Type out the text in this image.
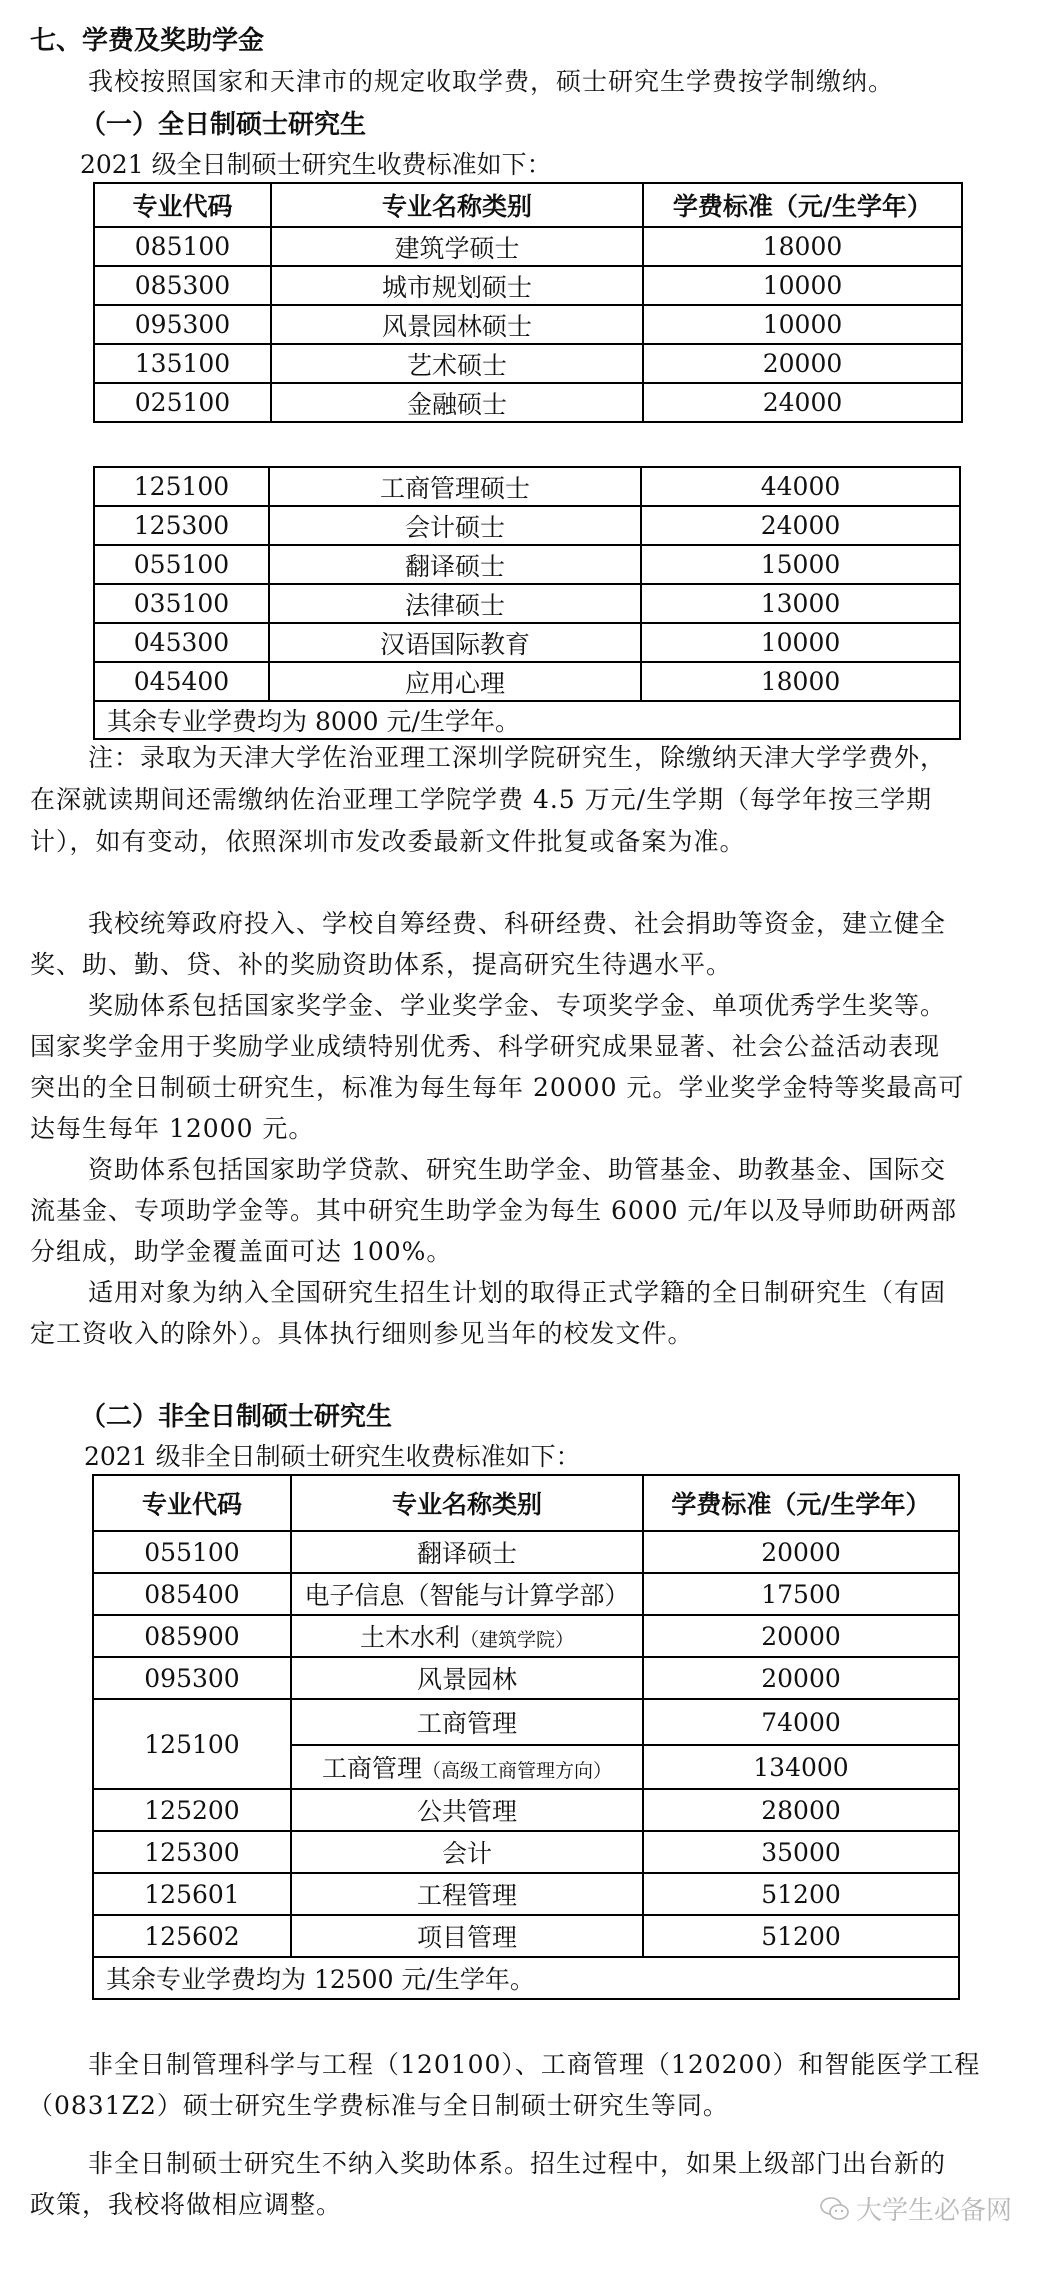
七、学费及奖助学金
我校按照国家和天津市的规定收取学费，硕士研究生学费按学制缴纳。
（一）全日制硕士研究生
2021 级全日制硕士研究生收费标准如下：
专业代码	专业名称类别	学费标准（元/生学年）
085100	建筑学硕士	18000
085300	城市规划硕士	10000
095300	风景园林硕士	10000
135100	艺术硕士	20000
025100	金融硕士	24000
125100	工商管理硕士	44000
125300	会计硕士	24000
055100	翻译硕士	15000
035100	法律硕士	13000
045300	汉语国际教育	10000
045400	应用心理	18000
其余专业学费均为 8000 元/生学年。		
注：录取为天津大学佐治亚理工深圳学院研究生，除缴纳天津大学学费外，
在深就读期间还需缴纳佐治亚理工学院学费 4.5 万元/生学期（每学年按三学期
计），如有变动，依照深圳市发改委最新文件批复或备案为准。
我校统筹政府投入、学校自筹经费、科研经费、社会捐助等资金，建立健全
奖、助、勤、贷、补的奖励资助体系，提高研究生待遇水平。
奖励体系包括国家奖学金、学业奖学金、专项奖学金、单项优秀学生奖等。
国家奖学金用于奖励学业成绩特别优秀、科学研究成果显著、社会公益活动表现
突出的全日制硕士研究生，标准为每生每年 20000 元。学业奖学金特等奖最高可
达每生每年 12000 元。
资助体系包括国家助学贷款、研究生助学金、助管基金、助教基金、国际交
流基金、专项助学金等。其中研究生助学金为每生 6000 元/年以及导师助研两部
分组成，助学金覆盖面可达 100%。
适用对象为纳入全国研究生招生计划的取得正式学籍的全日制研究生（有固
定工资收入的除外）。具体执行细则参见当年的校发文件。
（二）非全日制硕士研究生
2021 级非全日制硕士研究生收费标准如下：
专业代码	专业名称类别	学费标准（元/生学年）
055100	翻译硕士	20000
085400	电子信息（智能与计算学部）	17500
085900	土木水利（建筑学院）	20000
095300	风景园林	20000
125100	工商管理	74000
	工商管理（高级工商管理方向）	134000
125200	公共管理	28000
125300	会计	35000
125601	工程管理	51200
125602	项目管理	51200
其余专业学费均为 12500 元/生学年。		
非全日制管理科学与工程（120100）、工商管理（120200）和智能医学工程
（0831Z2）硕士研究生学费标准与全日制硕士研究生等同。
非全日制硕士研究生不纳入奖助体系。招生过程中，如果上级部门出台新的
政策，我校将做相应调整。	大学生必备网
